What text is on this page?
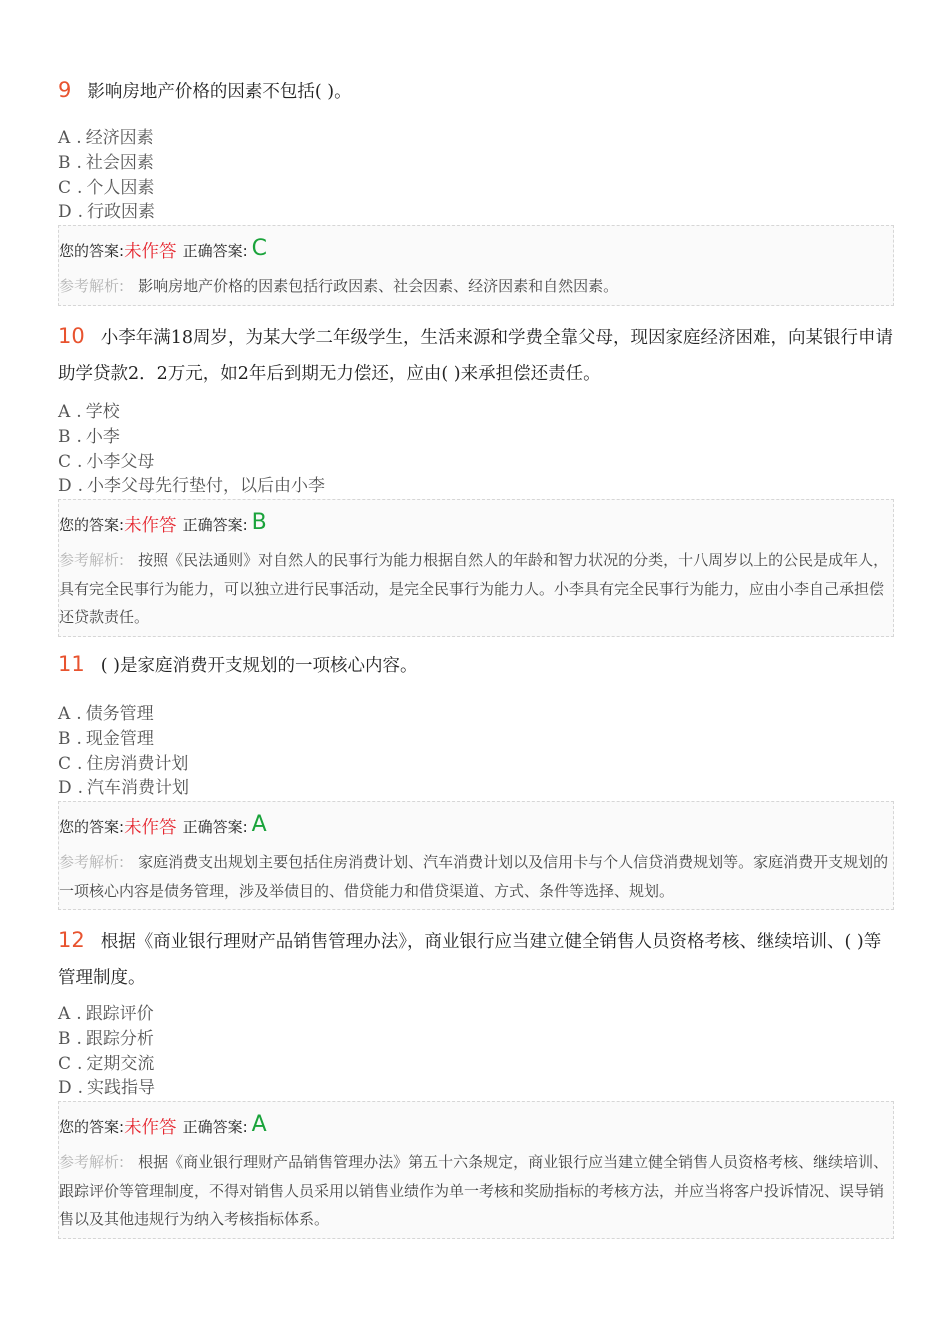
9 影响房地产价格的因素不包括( )。

A . 经济因素
B . 社会因素
C . 个人因素
D . 行政因素
您的答案: 未作答 正确答案: C
参考解析: 影响房地产价格的因素包括行政因素、社会因素、经济因素和自然因素。

10 小李年满18周岁，为某大学二年级学生，生活来源和学费全靠父母，现因家庭经济困难，向某银行申请助学贷款2．2万元，如2年后到期无力偿还，应由( )来承担偿还责任。

A . 学校
B . 小李
C . 小李父母
D . 小李父母先行垫付，以后由小李
您的答案: 未作答 正确答案: B
参考解析: 按照《民法通则》对自然人的民事行为能力根据自然人的年龄和智力状况的分类，十八周岁以上的公民是成年人，具有完全民事行为能力，可以独立进行民事活动，是完全民事行为能力人。小李具有完全民事行为能力，应由小李自己承担偿还贷款责任。

11 ( )是家庭消费开支规划的一项核心内容。

A . 债务管理
B . 现金管理
C . 住房消费计划
D . 汽车消费计划
您的答案: 未作答 正确答案: A
参考解析: 家庭消费支出规划主要包括住房消费计划、汽车消费计划以及信用卡与个人信贷消费规划等。家庭消费开支规划的一项核心内容是债务管理，涉及举债目的、借贷能力和借贷渠道、方式、条件等选择、规划。

12 根据《商业银行理财产品销售管理办法》，商业银行应当建立健全销售人员资格考核、继续培训、( )等管理制度。

A . 跟踪评价
B . 跟踪分析
C . 定期交流
D . 实践指导
您的答案: 未作答 正确答案: A
参考解析: 根据《商业银行理财产品销售管理办法》第五十六条规定，商业银行应当建立健全销售人员资格考核、继续培训、跟踪评价等管理制度，不得对销售人员采用以销售业绩作为单一考核和奖励指标的考核方法，并应当将客户投诉情况、误导销售以及其他违规行为纳入考核指标体系。
